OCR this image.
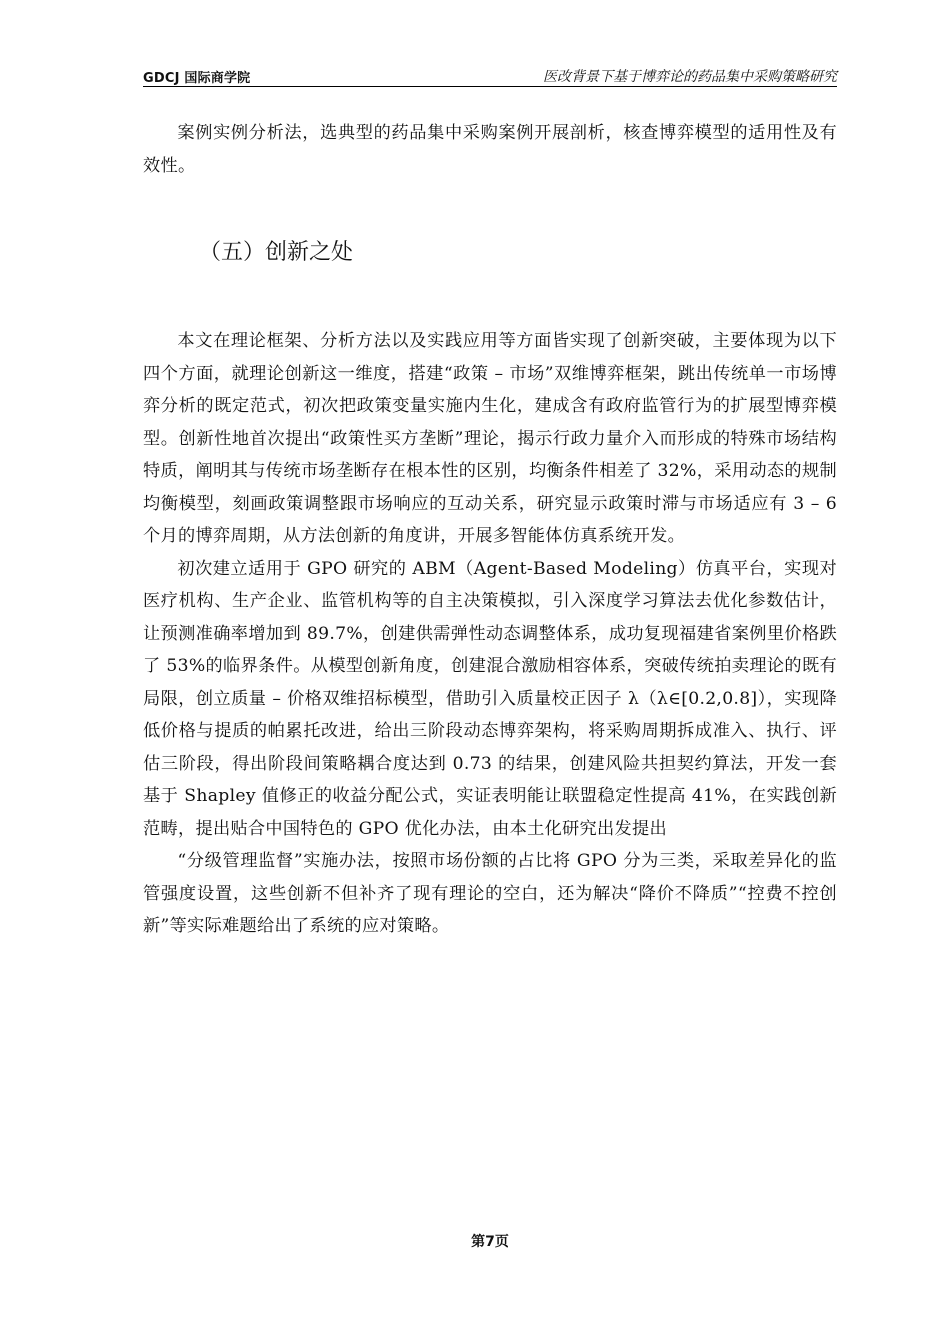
GDCJ 国际商学院	医改背景下基于博弈论的药品集中采购策略研究

案例实例分析法，选典型的药品集中采购案例开展剖析，核查博弈模型的适用性及有效性。

（五）创新之处

本文在理论框架、分析方法以及实践应用等方面皆实现了创新突破，主要体现为以下四个方面，就理论创新这一维度，搭建“政策 – 市场”双维博弈框架，跳出传统单一市场博弈分析的既定范式，初次把政策变量实施内生化，建成含有政府监管行为的扩展型博弈模型。创新性地首次提出“政策性买方垄断”理论，揭示行政力量介入而形成的特殊市场结构特质，阐明其与传统市场垄断存在根本性的区别，均衡条件相差了 32%，采用动态的规制均衡模型，刻画政策调整跟市场响应的互动关系，研究显示政策时滞与市场适应有 3 – 6 个月的博弈周期，从方法创新的角度讲，开展多智能体仿真系统开发。

初次建立适用于 GPO 研究的 ABM（Agent-Based Modeling）仿真平台，实现对医疗机构、生产企业、监管机构等的自主决策模拟，引入深度学习算法去优化参数估计，让预测准确率增加到 89.7%，创建供需弹性动态调整体系，成功复现福建省案例里价格跌了 53%的临界条件。从模型创新角度，创建混合激励相容体系，突破传统拍卖理论的既有局限，创立质量 – 价格双维招标模型，借助引入质量校正因子 λ（λ∈[0.2,0.8]），实现降低价格与提质的帕累托改进，给出三阶段动态博弈架构，将采购周期拆成准入、执行、评估三阶段，得出阶段间策略耦合度达到 0.73 的结果，创建风险共担契约算法，开发一套基于 Shapley 值修正的收益分配公式，实证表明能让联盟稳定性提高 41%，在实践创新范畴，提出贴合中国特色的 GPO 优化办法，由本土化研究出发提出

“分级管理监督”实施办法，按照市场份额的占比将 GPO 分为三类，采取差异化的监管强度设置，这些创新不但补齐了现有理论的空白，还为解决“降价不降质”“控费不控创新”等实际难题给出了系统的应对策略。

第7页
